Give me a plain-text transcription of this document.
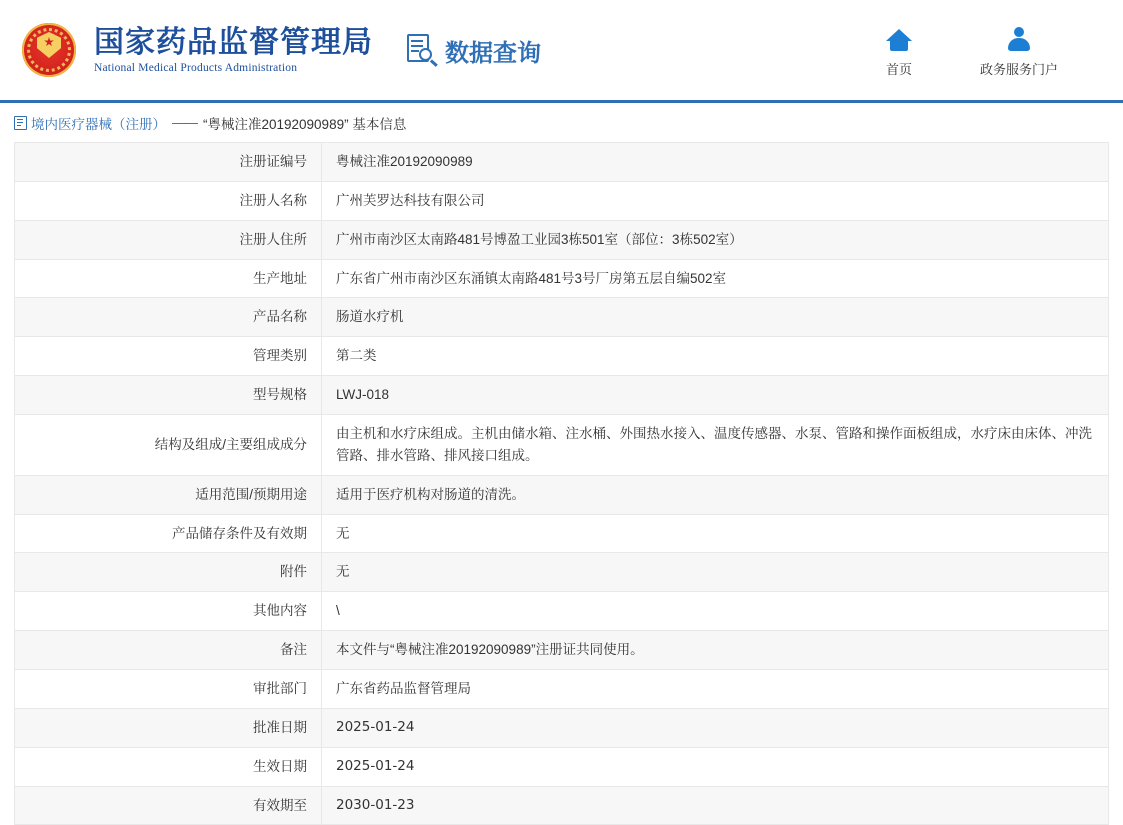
国家药品监督管理局
National Medical Products Administration
数据查询
首页	政务服务门户
境内医疗器械（注册） —— “粤械注准20192090989” 基本信息
注册证编号	粤械注准20192090989
注册人名称	广州芙罗达科技有限公司
注册人住所	广州市南沙区太南路481号博盈工业园3栋501室（部位：3栋502室）
生产地址	广东省广州市南沙区东涌镇太南路481号3号厂房第五层自编502室
产品名称	肠道水疗机
管理类别	第二类
型号规格	LWJ-018
结构及组成/主要组成成分	由主机和水疗床组成。主机由储水箱、注水桶、外围热水接入、温度传感器、水泵、管路和操作面板组成，水疗床由床体、冲洗管路、排水管路、排风接口组成。
适用范围/预期用途	适用于医疗机构对肠道的清洗。
产品储存条件及有效期	无
附件	无
其他内容	\
备注	本文件与“粤械注准20192090989”注册证共同使用。
审批部门	广东省药品监督管理局
批准日期	2025-01-24
生效日期	2025-01-24
有效期至	2030-01-23
